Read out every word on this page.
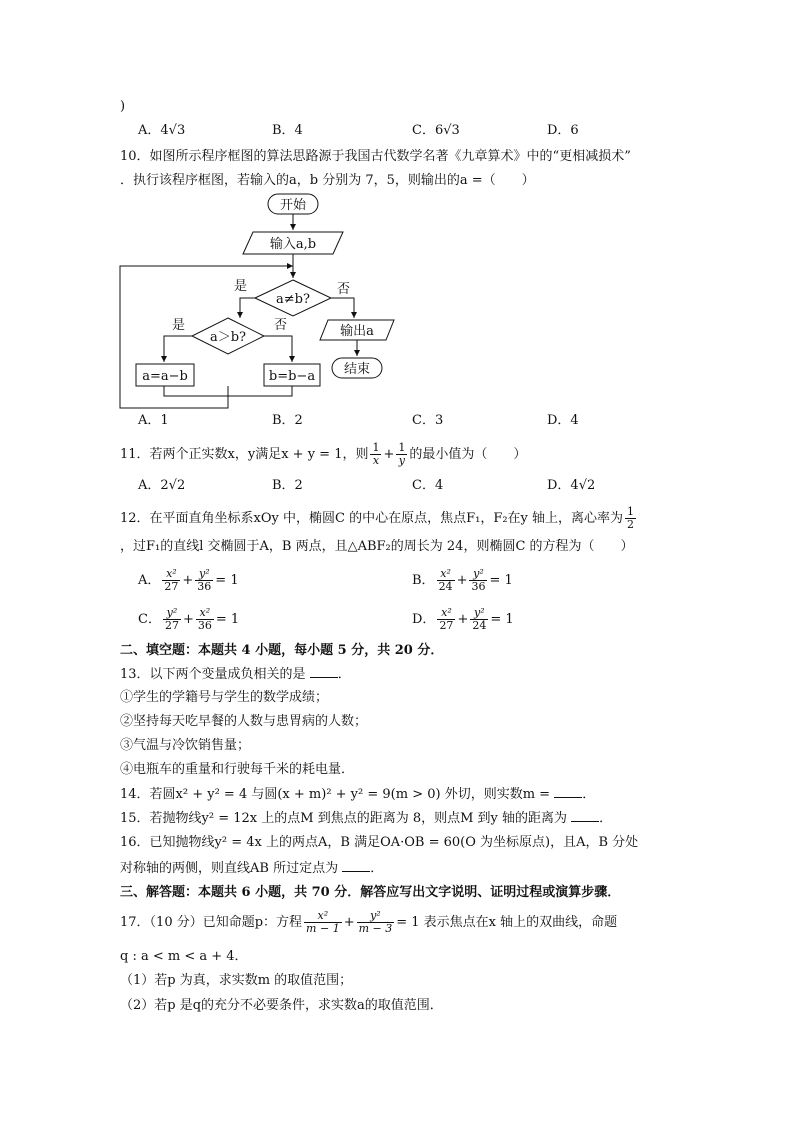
)
A．4√3	B．4	C．6√3	D．6
10．如图所示程序框图的算法思路源于我国古代数学名著《九章算术》中的“更相减损术”
．执行该程序框图，若输入的a，b 分别为 7，5，则输出的a =（　　）
开始
输入a,b
a≠b?
是	否
输出a
结束
a＞b?
是	否
a=a−b	b=b−a
A．1	B．2	C．3	D．4
11．若两个正实数x，y满足x + y = 1，则 $\frac{1}{x} + \frac{1}{y}$ 的最小值为（　　）
A．2√2	B．2	C．4	D．4√2
12．在平面直角坐标系xOy 中，椭圆C 的中心在原点，焦点F₁，F₂在y 轴上，离心率为 $\frac{1}{2}$
，过F₁的直线l 交椭圆于A，B 两点，且△ABF₂的周长为 24，则椭圆C 的方程为（　　）
A． $\frac{\text{x²}}{27} + \frac{\text{y²}}{36} = 1$	B． $\frac{\text{x²}}{24} + \frac{\text{y²}}{36} = 1$
C． $\frac{\text{y²}}{27} + \frac{\text{x²}}{36} = 1$	D． $\frac{\text{x²}}{27} + \frac{\text{y²}}{24} = 1$
二、填空题：本题共 4 小题，每小题 5 分，共 20 分．
13．以下两个变量成负相关的是 ．
①学生的学籍号与学生的数学成绩；
②坚持每天吃早餐的人数与患胃病的人数；
③气温与冷饮销售量；
④电瓶车的重量和行驶每千米的耗电量．
14．若圆x² + y² = 4 与圆(x + m)² + y² = 9(m > 0) 外切，则实数m = ．
15．若抛物线y² = 12x 上的点M 到焦点的距离为 8，则点M 到y 轴的距离为 ．
16．已知抛物线y² = 4x 上的两点A，B 满足OA·OB = 60(O 为坐标原点)，且A，B 分处
对称轴的两侧，则直线AB 所过定点为 ．
三、解答题：本题共 6 小题，共 70 分．解答应写出文字说明、证明过程或演算步骤．
17．（10 分）已知命题p：方程 $\frac{\text{x²}}{m - 1} + \frac{\text{y²}}{m - 3} = 1$ 表示焦点在x 轴上的双曲线，命题
q : a < m < a + 4．
（1）若p 为真，求实数m 的取值范围；
（2）若p 是q的充分不必要条件，求实数a的取值范围．
